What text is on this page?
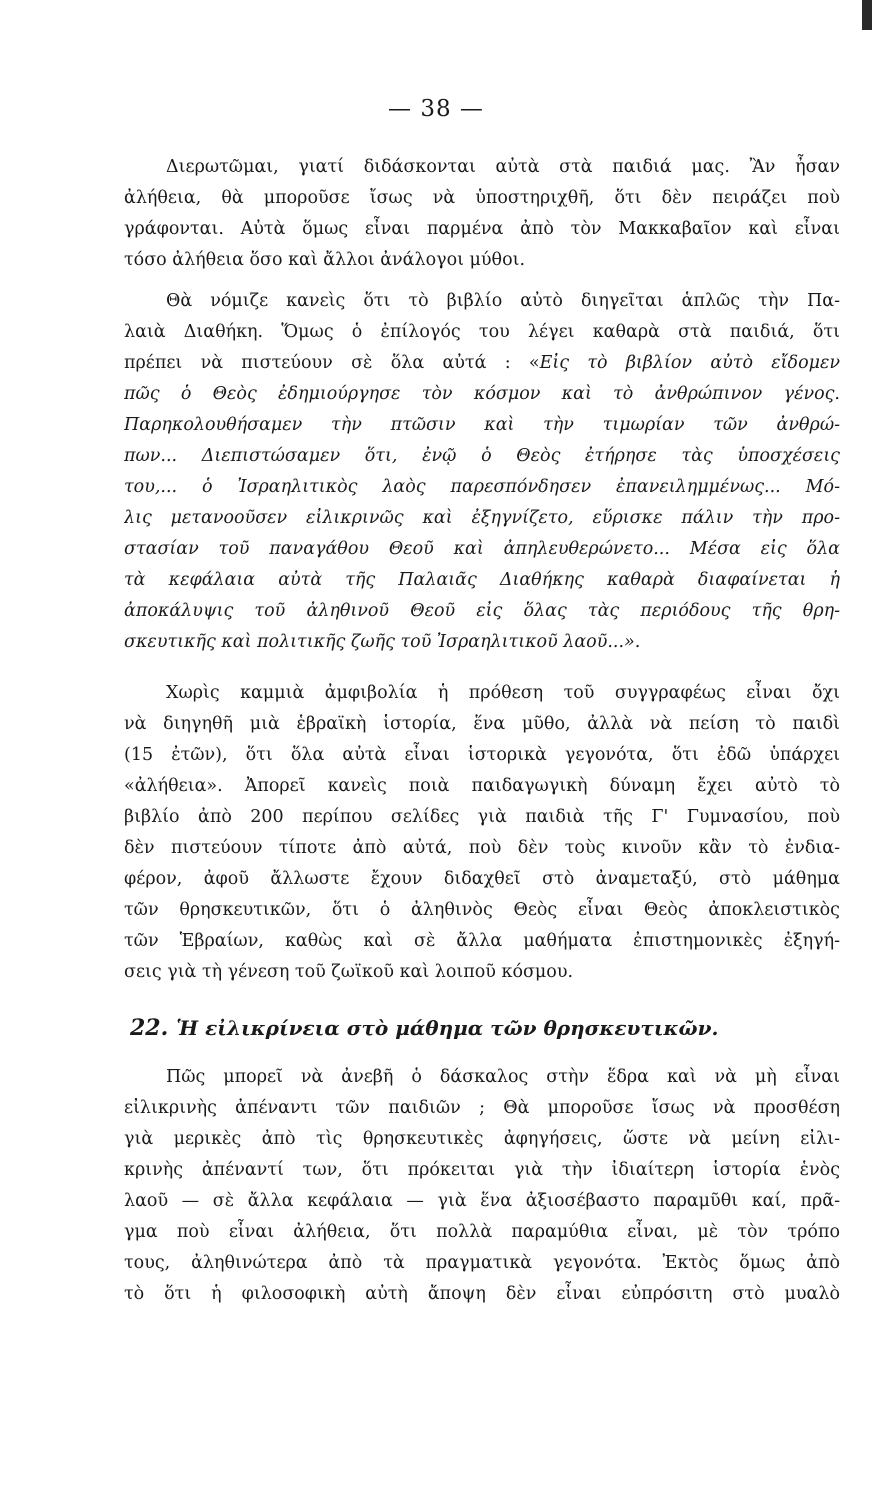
— 38 —
Διερωτῶμαι, γιατί διδάσκονται αὐτὰ στὰ παιδιά μας. Ἂν ἦσαν
ἀλήθεια, θὰ μποροῦσε ἴσως νὰ ὑποστηριχθῆ, ὅτι δὲν πειράζει ποὺ
γράφονται. Αὐτὰ ὅμως εἶναι παρμένα ἀπὸ τὸν Μακκαβαῖον καὶ εἶναι
τόσο ἀλήθεια ὅσο καὶ ἄλλοι ἀνάλογοι μύθοι.
Θὰ νόμιζε κανεὶς ὅτι τὸ βιβλίο αὐτὸ διηγεῖται ἁπλῶς τὴν Πα-
λαιὰ Διαθήκη. Ὅμως ὁ ἐπίλογός του λέγει καθαρὰ στὰ παιδιά, ὅτι
πρέπει νὰ πιστεύουν σὲ ὅλα αὐτά : «Εἰς τὸ βιβλίον αὐτὸ εἴδομεν
πῶς ὁ Θεὸς ἐδημιούργησε τὸν κόσμον καὶ τὸ ἀνθρώπινον γένος.
Παρηκολουθήσαμεν τὴν πτῶσιν καὶ τὴν τιμωρίαν τῶν ἀνθρώ-
πων... Διεπιστώσαμεν ὅτι, ἐνῷ ὁ Θεὸς ἐτήρησε τὰς ὑποσχέσεις
του,... ὁ Ἰσραηλιτικὸς λαὸς παρεσπόνδησεν ἐπανειλημμένως... Μό-
λις μετανοοῦσεν εἰλικρινῶς καὶ ἐξηγνίζετο, εὕρισκε πάλιν τὴν προ-
στασίαν τοῦ παναγάθου Θεοῦ καὶ ἀπηλευθερώνετο... Μέσα εἰς ὅλα
τὰ κεφάλαια αὐτὰ τῆς Παλαιᾶς Διαθήκης καθαρὰ διαφαίνεται ἡ
ἀποκάλυψις τοῦ ἀληθινοῦ Θεοῦ εἰς ὅλας τὰς περιόδους τῆς θρη-
σκευτικῆς καὶ πολιτικῆς ζωῆς τοῦ Ἰσραηλιτικοῦ λαοῦ...».
Χωρὶς καμμιὰ ἀμφιβολία ἡ πρόθεση τοῦ συγγραφέως εἶναι ὄχι
νὰ διηγηθῆ μιὰ ἑβραϊκὴ ἱστορία, ἕνα μῦθο, ἀλλὰ νὰ πείση τὸ παιδὶ
(15 ἐτῶν), ὅτι ὅλα αὐτὰ εἶναι ἱστορικὰ γεγονότα, ὅτι ἐδῶ ὑπάρχει
«ἀλήθεια». Ἀπορεῖ κανεὶς ποιὰ παιδαγωγικὴ δύναμη ἔχει αὐτὸ τὸ
βιβλίο ἀπὸ 200 περίπου σελίδες γιὰ παιδιὰ τῆς Γ' Γυμνασίου, ποὺ
δὲν πιστεύουν τίποτε ἀπὸ αὐτά, ποὺ δὲν τοὺς κινοῦν κἂν τὸ ἐνδια-
φέρον, ἀφοῦ ἄλλωστε ἔχουν διδαχθεῖ στὸ ἀναμεταξύ, στὸ μάθημα
τῶν θρησκευτικῶν, ὅτι ὁ ἀληθινὸς Θεὸς εἶναι Θεὸς ἀποκλειστικὸς
τῶν Ἑβραίων, καθὼς καὶ σὲ ἄλλα μαθήματα ἐπιστημονικὲς ἐξηγή-
σεις γιὰ τὴ γένεση τοῦ ζωϊκοῦ καὶ λοιποῦ κόσμου.
22. Ἡ εἰλικρίνεια στὸ μάθημα τῶν θρησκευτικῶν.
Πῶς μπορεῖ νὰ ἀνεβῆ ὁ δάσκαλος στὴν ἕδρα καὶ νὰ μὴ εἶναι
εἰλικρινὴς ἀπέναντι τῶν παιδιῶν ; Θὰ μποροῦσε ἴσως νὰ προσθέση
γιὰ μερικὲς ἀπὸ τὶς θρησκευτικὲς ἀφηγήσεις, ὥστε νὰ μείνη εἰλι-
κρινὴς ἀπέναντί των, ὅτι πρόκειται γιὰ τὴν ἰδιαίτερη ἱστορία ἑνὸς
λαοῦ — σὲ ἄλλα κεφάλαια — γιὰ ἕνα ἀξιοσέβαστο παραμῦθι καί, πρᾶ-
γμα ποὺ εἶναι ἀλήθεια, ὅτι πολλὰ παραμύθια εἶναι, μὲ τὸν τρόπο
τους, ἀληθινώτερα ἀπὸ τὰ πραγματικὰ γεγονότα. Ἐκτὸς ὅμως ἀπὸ
τὸ ὅτι ἡ φιλοσοφικὴ αὐτὴ ἄποψη δὲν εἶναι εὐπρόσιτη στὸ μυαλὸ
